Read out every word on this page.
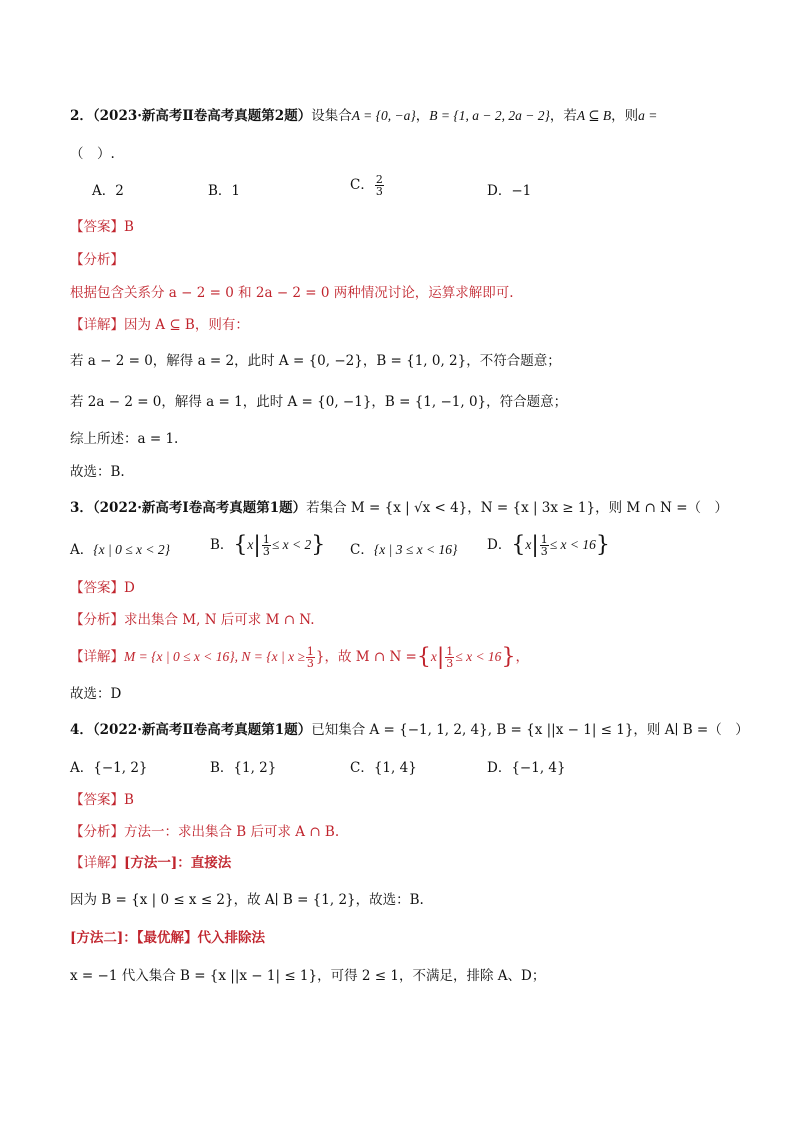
2．（2023·新高考Ⅱ卷高考真题第2题）设集合A = {0, −a}，B = {1, a − 2, 2a − 2}，若A ⊆ B，则a =
（　）.
A．2	B．1	C． $\frac{2}{3}$	D．−1
【答案】B
【分析】
根据包含关系分 a − 2 = 0 和 2a − 2 = 0 两种情况讨论，运算求解即可.
【详解】因为 A ⊆ B，则有：
若 a − 2 = 0，解得 a = 2，此时 A = {0, −2}，B = {1, 0, 2}，不符合题意；
若 2a − 2 = 0，解得 a = 1，此时 A = {0, −1}，B = {1, −1, 0}，符合题意；
综上所述：a = 1.
故选：B.
3．（2022·新高考Ⅰ卷高考真题第1题）若集合 M = {x | √x < 4}，N = {x | 3x ≥ 1}，则 M ∩ N =（　）
A．{x | 0 ≤ x < 2}	B．$\{x| \frac{1}{3} \le x < 2\}$ C．{x | 3 ≤ x < 16} D．$\{x| \frac{1}{3} \le x < 16\}$
【答案】D
【分析】求出集合 M, N 后可求 M ∩ N.
【详解】M = {x | 0 ≤ x < 16}, N = {x | $x \ge \frac{1}{3}$ }，故 M ∩ $N =\{x| \frac{1}{3} \le x < 16\}$，
故选：D
4．（2022·新高考Ⅱ卷高考真题第1题）已知集合 A = {−1, 1, 2, 4}, B = {x ||x − 1| ≤ 1}，则 A∣ B =（　）
A．{−1, 2}	B．{1, 2}	C．{1, 4}	D．{−1, 4}
【答案】B
【分析】方法一：求出集合 B 后可求 A ∩ B.
【详解】[方法一]：直接法
因为 B = {x | 0 ≤ x ≤ 2}，故 A∣ B = {1, 2}，故选：B.
[方法二]：【最优解】代入排除法
x = −1 代入集合 B = {x ||x − 1| ≤ 1}，可得 2 ≤ 1，不满足，排除 A、D；
